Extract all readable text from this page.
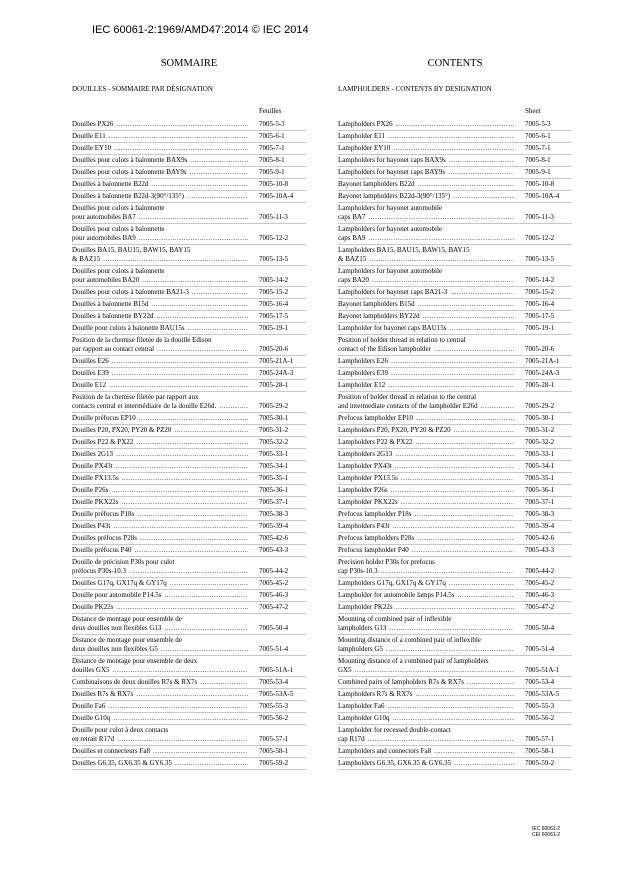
IEC 60061-2:1969/AMD47:2014 © IEC 2014
SOMMAIRE
DOUILLES - SOMMAIRE PAR DÉSIGNATION
Feuilles
Douilles PX26 .....	7005-5-3
Douille E11 .....	7005-6-1
Douille EY10 .....	7005-7-1
Douilles pour culots à baïonnette BAX9s .....	7005-8-1
Douilles pour culots à baïonnette BAY9s .....	7005-9-1
Douilles à baïonnette B22d .....	7005-10-8
Douilles à baïonnette B22d-3(90°/135°) .....	7005-10A-4
Douilles pour culots à baïonnette
pour automobiles BA7 .....	7005-11-3
Douilles pour culots à baïonnette
pour automobiles BA9 .....	7005-12-2
Douilles BA15, BAU15, BAW15, BAY15
& BAZ15 .....	7005-13-5
Douilles pour culots à baïonnette
pour automobiles BA20 .....	7005-14-2
Douilles pour culots à baïonnette BA21-3 .....	7005-15-2
Douilles à baïonnette B15d .....	7005-16-4
Douilles à baïonnette BY22d .....	7005-17-5
Douille pour culots à baïonette BAU15s .....	7005-19-1
Position de la chemise filetée de la douille Edison
par rapport au contact central .....	7005-20-6
Douilles E26 .....	7005-21A-1
Douilles E39 .....	7005-24A-3
Douille E12 .....	7005-28-1
Position de la chemise filetée par rapport aux
contacts central et intermédiaire de la douille E26d. .....	7005-29-2
Douille préfocus EP10 .....	7005-30-1
Douilles P20, PX20, PY20 & PZ20 .....	7005-31-2
Douilles P22 & PX22 .....	7005-32-2
Douilles 2G13 .....	7005-33-1
Douille PX43t .....	7005-34-1
Douille PX13.5s .....	7005-35-1
Douille P26s .....	7005-36-1
Douille PKX22s .....	7005-37-1
Douille préfocus P18s .....	7005-38-3
Douilles P43t .....	7005-39-4
Douilles préfocus P28s .....	7005-42-6
Douille préfocus P40 .....	7005-43-3
Douille de précision P30s pour culot
préfocus P30s-10.3 .....	7005-44-2
Douilles G17q, GX17q & GY17q .....	7005-45-2
Douille pour automobile P14.5s .....	7005-46-3
Douille PK22s .....	7005-47-2
Distance de montage pour ensemble de
deux douilles non flexibles G13 .....	7005-50-4
Distance de montage pour ensemble de
deux douilles non flexibles G5 .....	7005-51-4
Distance de montage pour ensemble de deux
douilles GX5 .....	7005-51A-1
Combinaisons de deux douilles R7s & RX7s .....	7005-53-4
Douilles R7s & RX7s .....	7005-53A-5
Douille Fa6 .....	7005-55-3
Douille G10q .....	7005-56-2
Douille pour culot à deux contacts
en retrait R17d .....	7005-57-1
Douilles et connecteurs Fa8 .....	7005-58-1
Douilles G6.35, GX6.35 & GY6.35 .....	7005-59-2
CONTENTS
LAMPHOLDERS - CONTENTS BY DESIGNATION
Sheet
Lampholders PX26 .....	7005-5-3
Lampholder E11 .....	7005-6-1
Lampholder EY10 .....	7005-7-1
Lampholders for bayonet caps BAX9s .....	7005-8-1
Lampholders for bayonet caps BAY9s .....	7005-9-1
Bayonet lampholders B22d .....	7005-10-8
Bayonet lampholders B22d-3(90°/135°) .....	7005-10A-4
Lampholders for bayonet automobile
caps BA7 .....	7005-11-3
Lampholders for bayonet automobile
caps BA9 .....	7005-12-2
Lampholders BA15, BAU15, BAW15, BAY15
& BAZ15 .....	7005-13-5
Lampholders for bayonet automobile
caps BA20 .....	7005-14-2
Lampholders for bayonet caps BA21-3 .....	7005-15-2
Bayonet lampholders B15d .....	7005-16-4
Bayonet lampholders BY22d .....	7005-17-5
Lampholder for bayonet caps BAU15s .....	7005-19-1
Position of holder thread in relation to central
contact of the Edison lampholder .....	7005-20-6
Lampholders E26 .....	7005-21A-1
Lampholders E39 .....	7005-24A-3
Lampholder E12 .....	7005-28-1
Position of holder thread in relation to the central
and intermediate contacts of the lampholder E26d .....	7005-29-2
Prefocus lampholder EP10 .....	7005-30-1
Lampholders P20, PX20, PY20 & PZ20 .....	7005-31-2
Lampholders P22 & PX22 .....	7005-32-2
Lampholders 2G13 .....	7005-33-1
Lampholder PX43t .....	7005-34-1
Lampholder PX13.5s .....	7005-35-1
Lampholder P26s .....	7005-36-1
Lampholder PKX22s .....	7005-37-1
Prefocus lampholder P18s .....	7005-38-3
Lampholders P43t .....	7005-39-4
Prefocus lampholders P28s .....	7005-42-6
Prefocus lampholder P40 .....	7005-43-3
Precision holder P30s for prefocus
cap P30s-10.3 .....	7005-44-2
Lampholders G17q, GX17q & GY17q .....	7005-45-2
Lampholder for automobile lamps P14.5s .....	7005-46-3
Lampholder PK22s .....	7005-47-2
Mounting of combined pair of inflexible
lampholders G13 .....	7005-50-4
Mounting distance of a combined pair of inflexible
lampholders G5 .....	7005-51-4
Mounting distance of a combined pair of lampholders
GX5 .....	7005-51A-1
Combined pairs of lampholders R7s & RX7s .....	7005-53-4
Lampholders R7s & RX7s .....	7005-53A-5
Lampholder Fa6 .....	7005-55-3
Lampholder G10q .....	7005-56-2
Lampholder for recessed double-contact
cap R17d .....	7005-57-1
Lampholders and connectors Fa8 .....	7005-58-1
Lampholders G6.35, GX6.35 & GY6.35 .....	7005-59-2
IEC 60061-2
CEI 60061-2
